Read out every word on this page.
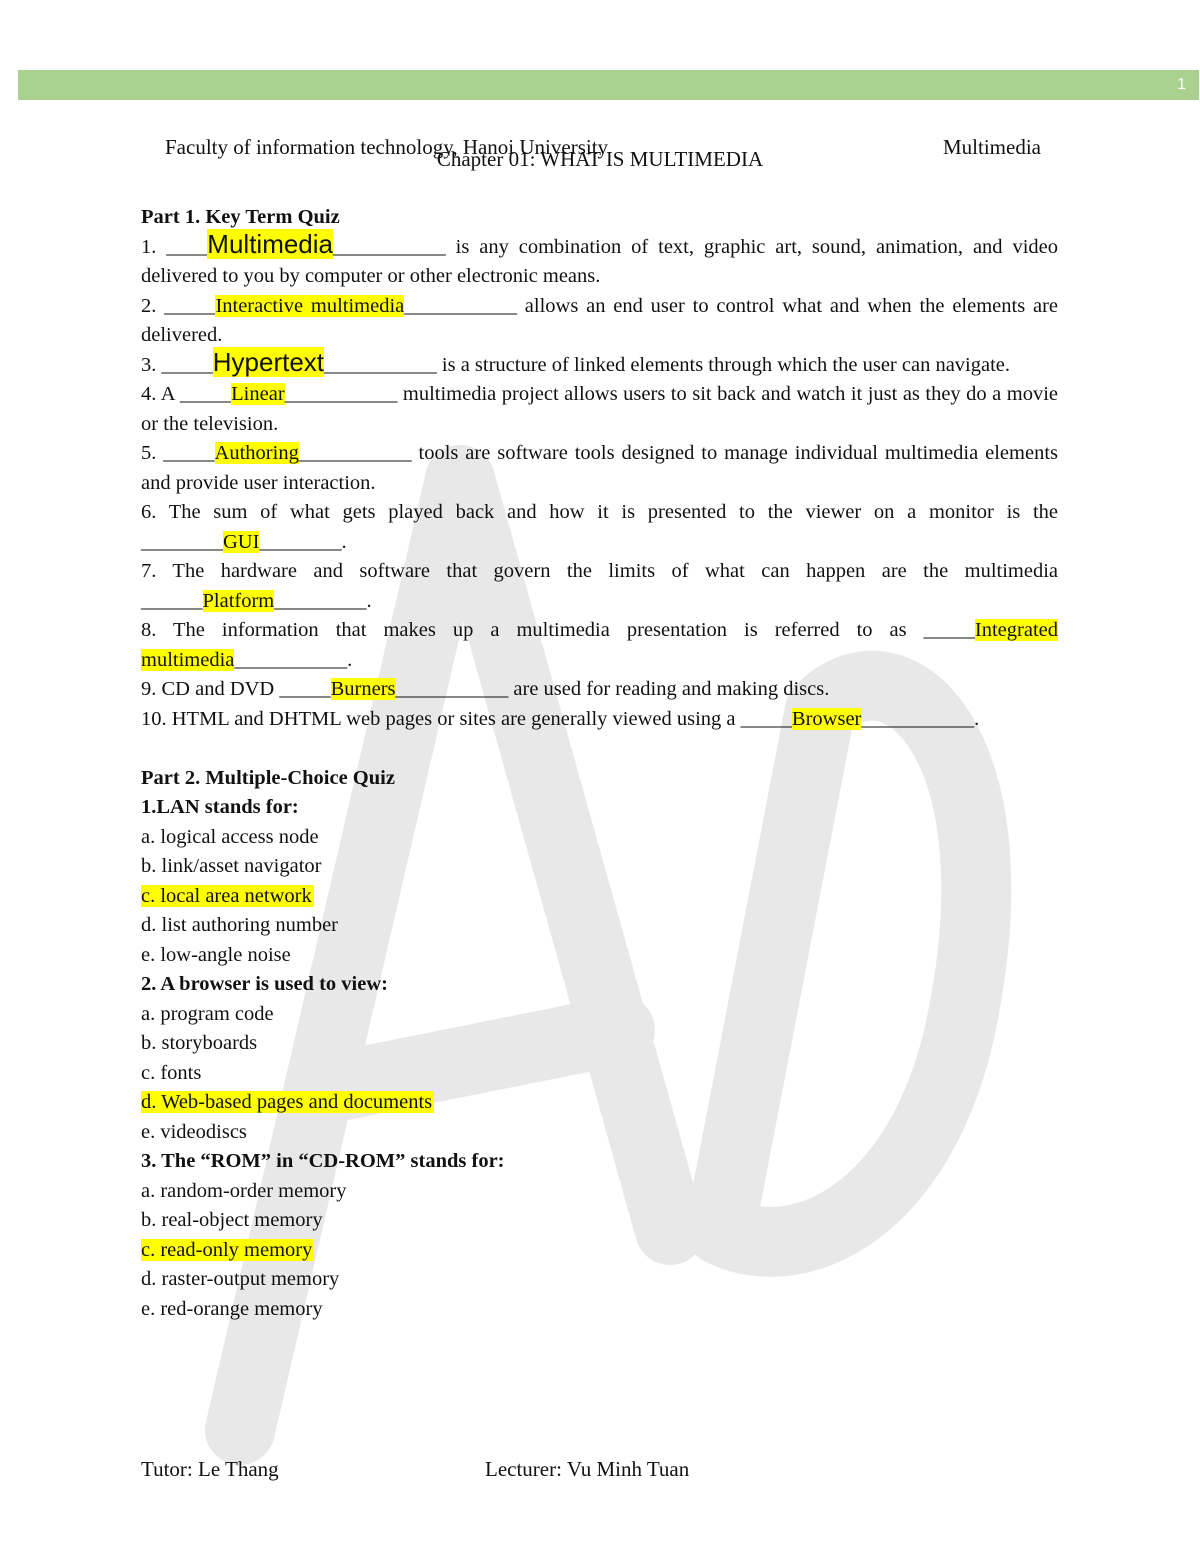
1
Faculty of information technology, Hanoi University	Multimedia
Chapter 01: WHAT IS MULTIMEDIA
Part 1. Key Term Quiz
1. ____Multimedia___________ is any combination of text, graphic art, sound, animation, and video delivered to you by computer or other electronic means.
2. _____Interactive multimedia___________ allows an end user to control what and when the elements are delivered.
3. _____Hypertext___________ is a structure of linked elements through which the user can navigate.
4. A _____Linear___________ multimedia project allows users to sit back and watch it just as they do a movie or the television.
5. _____Authoring___________ tools are software tools designed to manage individual multimedia elements and provide user interaction.
6. The sum of what gets played back and how it is presented to the viewer on a monitor is the ________GUI________.
7. The hardware and software that govern the limits of what can happen are the multimedia ______Platform_________.
8. The information that makes up a multimedia presentation is referred to as _____Integrated multimedia___________.
9. CD and DVD _____Burners___________ are used for reading and making discs.
10. HTML and DHTML web pages or sites are generally viewed using a _____Browser___________.
Part 2. Multiple-Choice Quiz
1.LAN stands for:
a. logical access node
b. link/asset navigator
c. local area network
d. list authoring number
e. low-angle noise
2. A browser is used to view:
a. program code
b. storyboards
c. fonts
d. Web-based pages and documents
e. videodiscs
3. The “ROM” in “CD-ROM” stands for:
a. random-order memory
b. real-object memory
c. read-only memory
d. raster-output memory
e. red-orange memory
Tutor: Le Thang	Lecturer: Vu Minh Tuan
